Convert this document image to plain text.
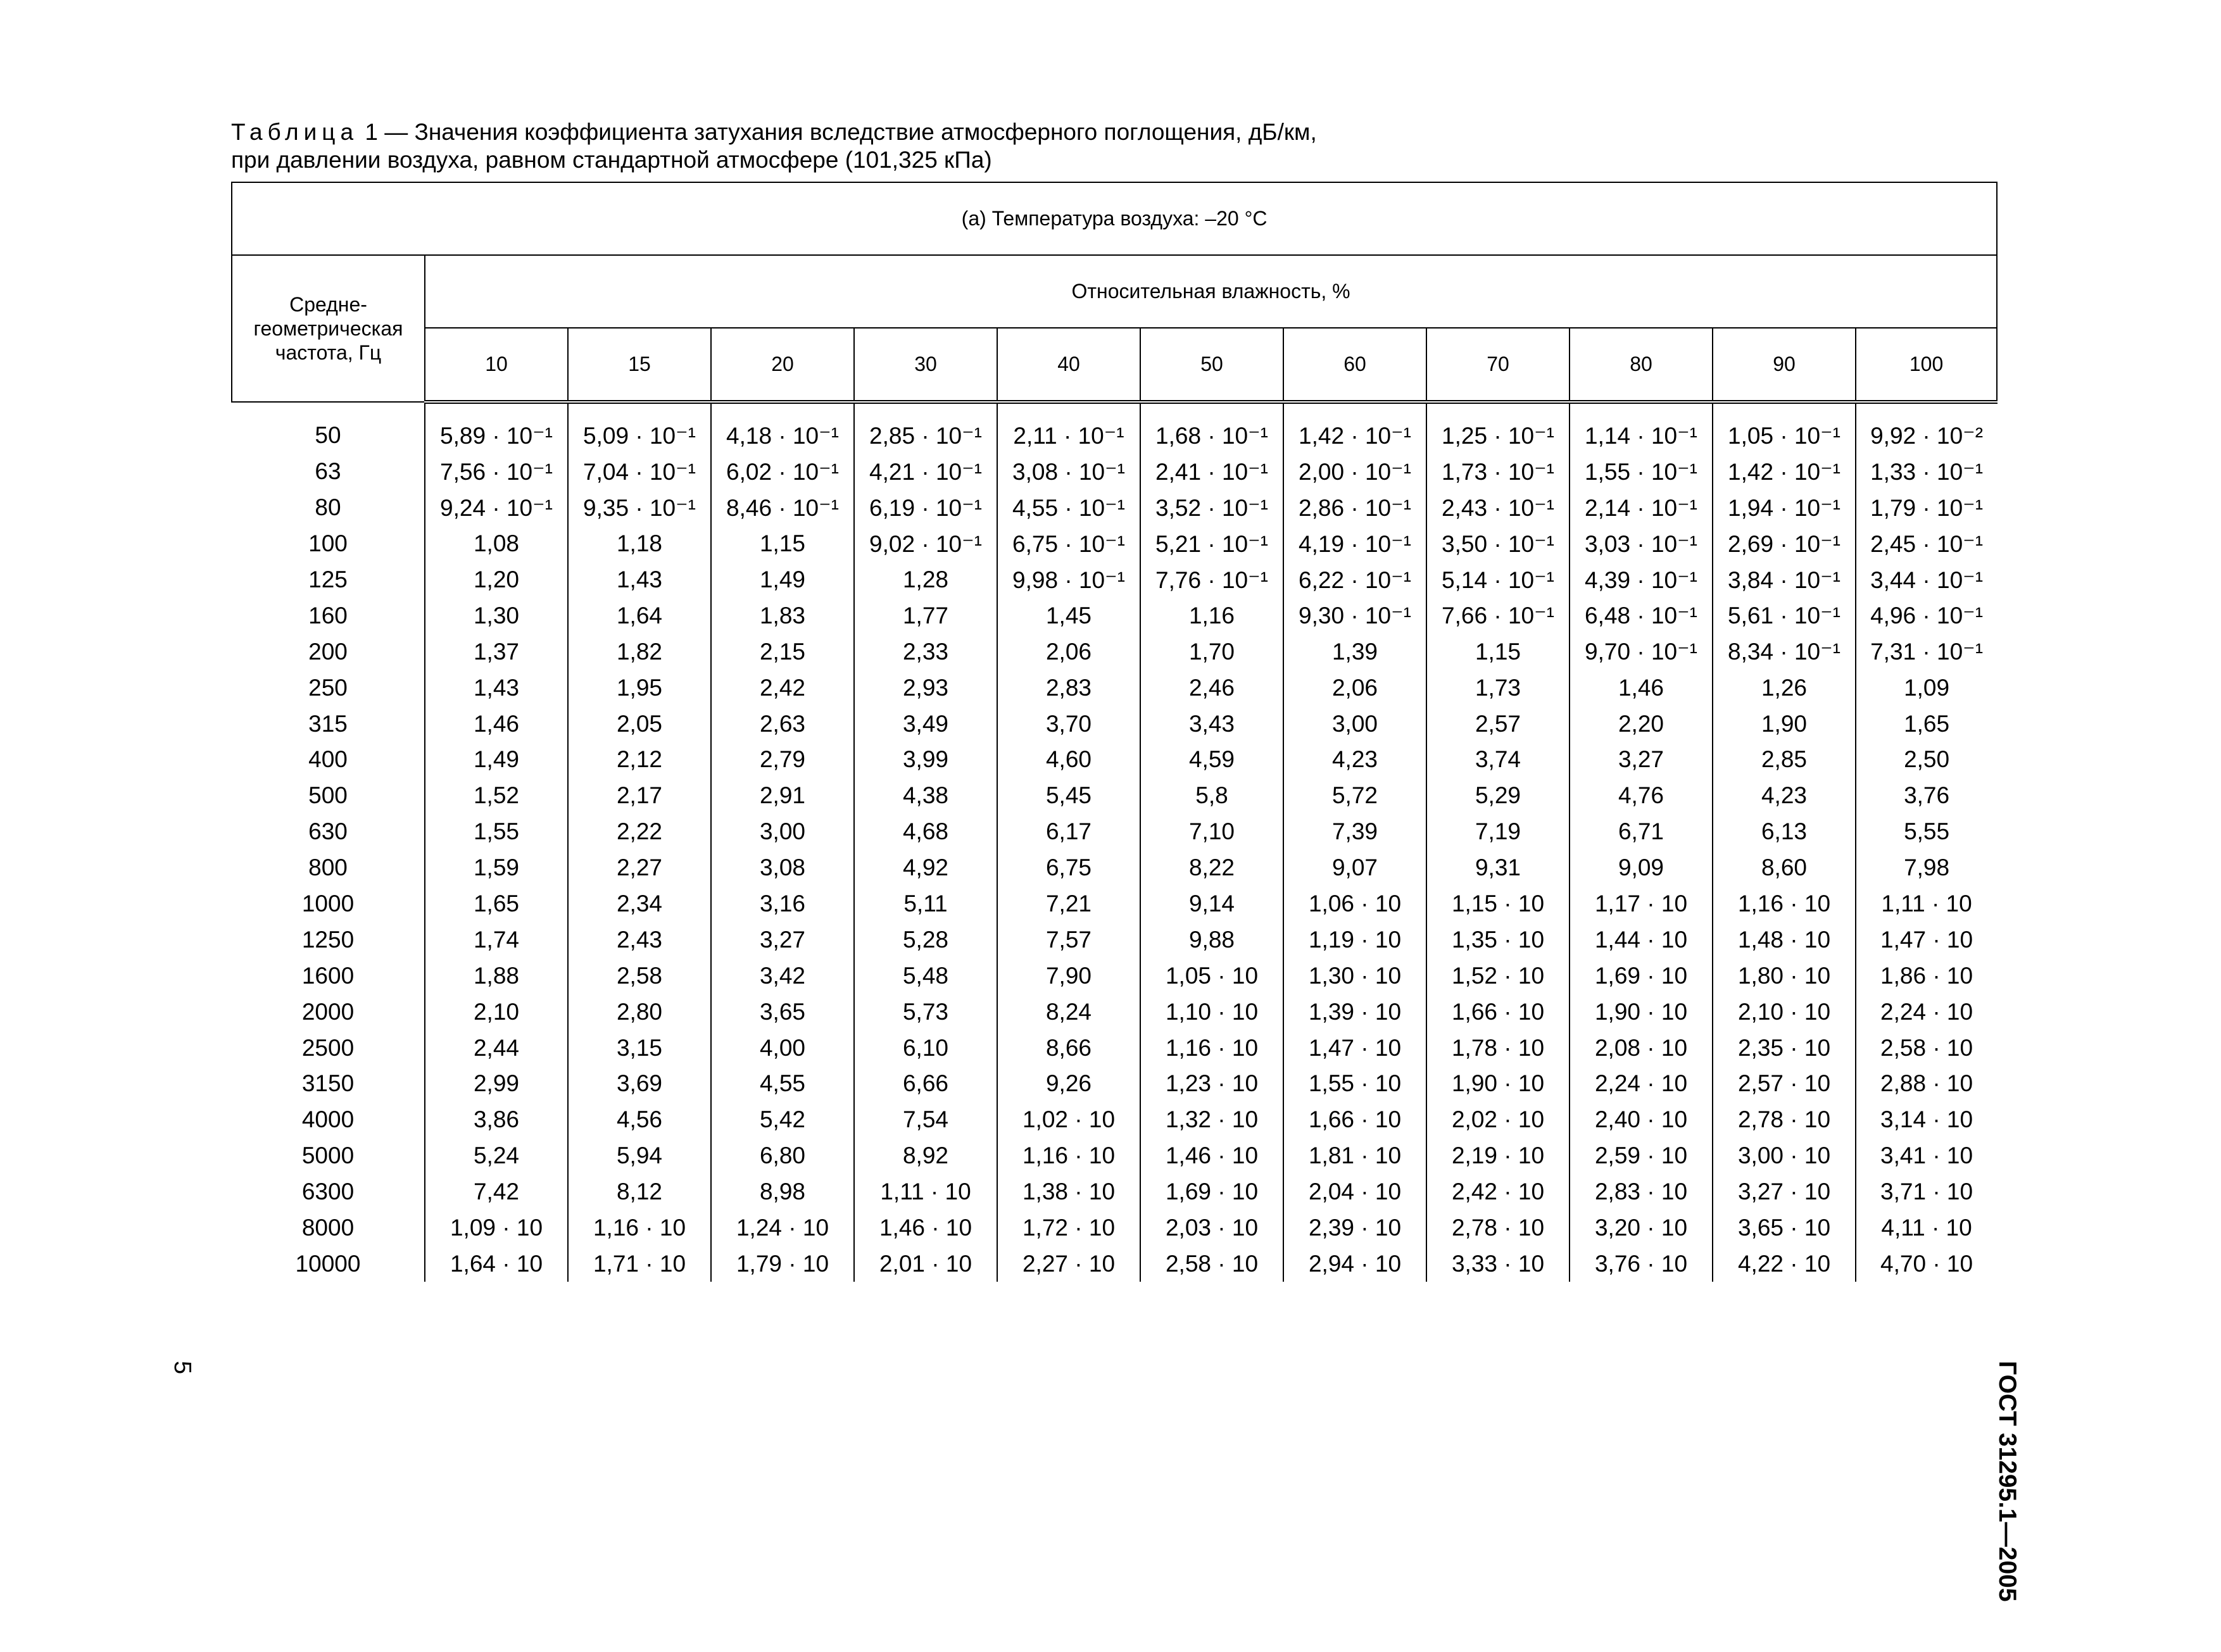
Таблица 1 — Значения коэффициента затухания вследствие атмосферного поглощения, дБ/км,
при давлении воздуха, равном стандартной атмосфере (101,325 кПа)
(а) Температура воздуха: –20 °С											
Средне-геометрическая частота, Гц	Относительная влажность, %										
	10	15	20	30	40	50	60	70	80	90	100

50	5,89 · 10⁻¹	5,09 · 10⁻¹	4,18 · 10⁻¹	2,85 · 10⁻¹	2,11 · 10⁻¹	1,68 · 10⁻¹	1,42 · 10⁻¹	1,25 · 10⁻¹	1,14 · 10⁻¹	1,05 · 10⁻¹	9,92 · 10⁻²
63	7,56 · 10⁻¹	7,04 · 10⁻¹	6,02 · 10⁻¹	4,21 · 10⁻¹	3,08 · 10⁻¹	2,41 · 10⁻¹	2,00 · 10⁻¹	1,73 · 10⁻¹	1,55 · 10⁻¹	1,42 · 10⁻¹	1,33 · 10⁻¹
80	9,24 · 10⁻¹	9,35 · 10⁻¹	8,46 · 10⁻¹	6,19 · 10⁻¹	4,55 · 10⁻¹	3,52 · 10⁻¹	2,86 · 10⁻¹	2,43 · 10⁻¹	2,14 · 10⁻¹	1,94 · 10⁻¹	1,79 · 10⁻¹
100	1,08	1,18	1,15	9,02 · 10⁻¹	6,75 · 10⁻¹	5,21 · 10⁻¹	4,19 · 10⁻¹	3,50 · 10⁻¹	3,03 · 10⁻¹	2,69 · 10⁻¹	2,45 · 10⁻¹
125	1,20	1,43	1,49	1,28	9,98 · 10⁻¹	7,76 · 10⁻¹	6,22 · 10⁻¹	5,14 · 10⁻¹	4,39 · 10⁻¹	3,84 · 10⁻¹	3,44 · 10⁻¹
160	1,30	1,64	1,83	1,77	1,45	1,16	9,30 · 10⁻¹	7,66 · 10⁻¹	6,48 · 10⁻¹	5,61 · 10⁻¹	4,96 · 10⁻¹
200	1,37	1,82	2,15	2,33	2,06	1,70	1,39	1,15	9,70 · 10⁻¹	8,34 · 10⁻¹	7,31 · 10⁻¹
250	1,43	1,95	2,42	2,93	2,83	2,46	2,06	1,73	1,46	1,26	1,09
315	1,46	2,05	2,63	3,49	3,70	3,43	3,00	2,57	2,20	1,90	1,65
400	1,49	2,12	2,79	3,99	4,60	4,59	4,23	3,74	3,27	2,85	2,50
500	1,52	2,17	2,91	4,38	5,45	5,8	5,72	5,29	4,76	4,23	3,76
630	1,55	2,22	3,00	4,68	6,17	7,10	7,39	7,19	6,71	6,13	5,55
800	1,59	2,27	3,08	4,92	6,75	8,22	9,07	9,31	9,09	8,60	7,98
1000	1,65	2,34	3,16	5,11	7,21	9,14	1,06 · 10	1,15 · 10	1,17 · 10	1,16 · 10	1,11 · 10
1250	1,74	2,43	3,27	5,28	7,57	9,88	1,19 · 10	1,35 · 10	1,44 · 10	1,48 · 10	1,47 · 10
1600	1,88	2,58	3,42	5,48	7,90	1,05 · 10	1,30 · 10	1,52 · 10	1,69 · 10	1,80 · 10	1,86 · 10
2000	2,10	2,80	3,65	5,73	8,24	1,10 · 10	1,39 · 10	1,66 · 10	1,90 · 10	2,10 · 10	2,24 · 10
2500	2,44	3,15	4,00	6,10	8,66	1,16 · 10	1,47 · 10	1,78 · 10	2,08 · 10	2,35 · 10	2,58 · 10
3150	2,99	3,69	4,55	6,66	9,26	1,23 · 10	1,55 · 10	1,90 · 10	2,24 · 10	2,57 · 10	2,88 · 10
4000	3,86	4,56	5,42	7,54	1,02 · 10	1,32 · 10	1,66 · 10	2,02 · 10	2,40 · 10	2,78 · 10	3,14 · 10
5000	5,24	5,94	6,80	8,92	1,16 · 10	1,46 · 10	1,81 · 10	2,19 · 10	2,59 · 10	3,00 · 10	3,41 · 10
6300	7,42	8,12	8,98	1,11 · 10	1,38 · 10	1,69 · 10	2,04 · 10	2,42 · 10	2,83 · 10	3,27 · 10	3,71 · 10
8000	1,09 · 10	1,16 · 10	1,24 · 10	1,46 · 10	1,72 · 10	2,03 · 10	2,39 · 10	2,78 · 10	3,20 · 10	3,65 · 10	4,11 · 10
10000	1,64 · 10	1,71 · 10	1,79 · 10	2,01 · 10	2,27 · 10	2,58 · 10	2,94 · 10	3,33 · 10	3,76 · 10	4,22 · 10	4,70 · 10
ГОСТ 31295.1—2005
5
